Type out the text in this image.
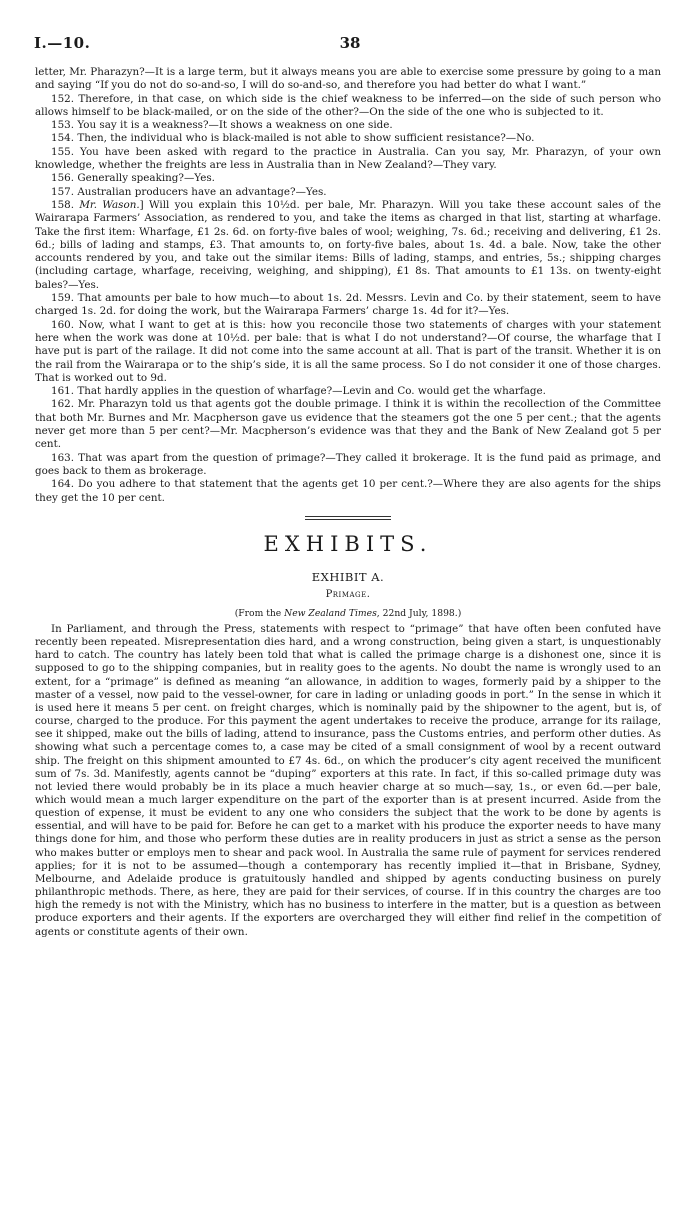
I.—10.	38

letter, Mr. Pharazyn?—It is a large term, but it always means you are able to exercise some pressure by going to a man and saying “If you do not do so-and-so, I will do so-and-so, and therefore you had better do what I want.”

152. Therefore, in that case, on which side is the chief weakness to be inferred—on the side of such person who allows himself to be black-mailed, or on the side of the other?—On the side of the one who is subjected to it.

153. You say it is a weakness?—It shows a weakness on one side.

154. Then, the individual who is black-mailed is not able to show sufficient resistance?—No.

155. You have been asked with regard to the practice in Australia. Can you say, Mr. Pharazyn, of your own knowledge, whether the freights are less in Australia than in New Zealand?—They vary.

156. Generally speaking?—Yes.

157. Australian producers have an advantage?—Yes.

158. Mr. Wason.] Will you explain this 10½d. per bale, Mr. Pharazyn. Will you take these account sales of the Wairarapa Farmers’ Association, as rendered to you, and take the items as charged in that list, starting at wharfage. Take the first item: Wharfage, £1 2s. 6d. on forty-five bales of wool; weighing, 7s. 6d.; receiving and delivering, £1 2s. 6d.; bills of lading and stamps, £3. That amounts to, on forty-five bales, about 1s. 4d. a bale. Now, take the other accounts rendered by you, and take out the similar items: Bills of lading, stamps, and entries, 5s.; shipping charges (including cartage, wharfage, receiving, weighing, and shipping), £1 8s. That amounts to £1 13s. on twenty-eight bales?—Yes.

159. That amounts per bale to how much—to about 1s. 2d. Messrs. Levin and Co. by their statement, seem to have charged 1s. 2d. for doing the work, but the Wairarapa Farmers’ charge 1s. 4d for it?—Yes.

160. Now, what I want to get at is this: how you reconcile those two statements of charges with your statement here when the work was done at 10½d. per bale: that is what I do not understand?—Of course, the wharfage that I have put is part of the railage. It did not come into the same account at all. That is part of the transit. Whether it is on the rail from the Wairarapa or to the ship’s side, it is all the same process. So I do not consider it one of those charges. That is worked out to 9d.

161. That hardly applies in the question of wharfage?—Levin and Co. would get the wharfage.

162. Mr. Pharazyn told us that agents got the double primage. I think it is within the recollection of the Committee that both Mr. Burnes and Mr. Macpherson gave us evidence that the steamers got the one 5 per cent.; that the agents never get more than 5 per cent?—Mr. Macpherson’s evidence was that they and the Bank of New Zealand got 5 per cent.

163. That was apart from the question of primage?—They called it brokerage. It is the fund paid as primage, and goes back to them as brokerage.

164. Do you adhere to that statement that the agents get 10 per cent.?—Where they are also agents for the ships they get the 10 per cent.

EXHIBITS.
EXHIBIT A.
Primage.
(From the New Zealand Times, 22nd July, 1898.)

In Parliament, and through the Press, statements with respect to “primage” that have often been confuted have recently been repeated. Misrepresentation dies hard, and a wrong construction, being given a start, is unquestionably hard to catch. The country has lately been told that what is called the primage charge is a dishonest one, since it is supposed to go to the shipping companies, but in reality goes to the agents. No doubt the name is wrongly used to an extent, for a “primage” is defined as meaning “an allowance, in addition to wages, formerly paid by a shipper to the master of a vessel, now paid to the vessel-owner, for care in lading or unlading goods in port.” In the sense in which it is used here it means 5 per cent. on freight charges, which is nominally paid by the shipowner to the agent, but is, of course, charged to the produce. For this payment the agent undertakes to receive the produce, arrange for its railage, see it shipped, make out the bills of lading, attend to insurance, pass the Customs entries, and perform other duties. As showing what such a percentage comes to, a case may be cited of a small consignment of wool by a recent outward ship. The freight on this shipment amounted to £7 4s. 6d., on which the producer’s city agent received the munificent sum of 7s. 3d. Manifestly, agents cannot be “duping” exporters at this rate. In fact, if this so-called primage duty was not levied there would probably be in its place a much heavier charge at so much—say, 1s., or even 6d.—per bale, which would mean a much larger expenditure on the part of the exporter than is at present incurred. Aside from the question of expense, it must be evident to any one who considers the subject that the work to be done by agents is essential, and will have to be paid for. Before he can get to a market with his produce the exporter needs to have many things done for him, and those who perform these duties are in reality producers in just as strict a sense as the person who makes butter or employs men to shear and pack wool. In Australia the same rule of payment for services rendered applies; for it is not to be assumed—though a contemporary has recently implied it—that in Brisbane, Sydney, Melbourne, and Adelaide produce is gratuitously handled and shipped by agents conducting business on purely philanthropic methods. There, as here, they are paid for their services, of course. If in this country the charges are too high the remedy is not with the Ministry, which has no business to interfere in the matter, but is a question as between produce exporters and their agents. If the exporters are overcharged they will either find relief in the competition of agents or constitute agents of their own.
